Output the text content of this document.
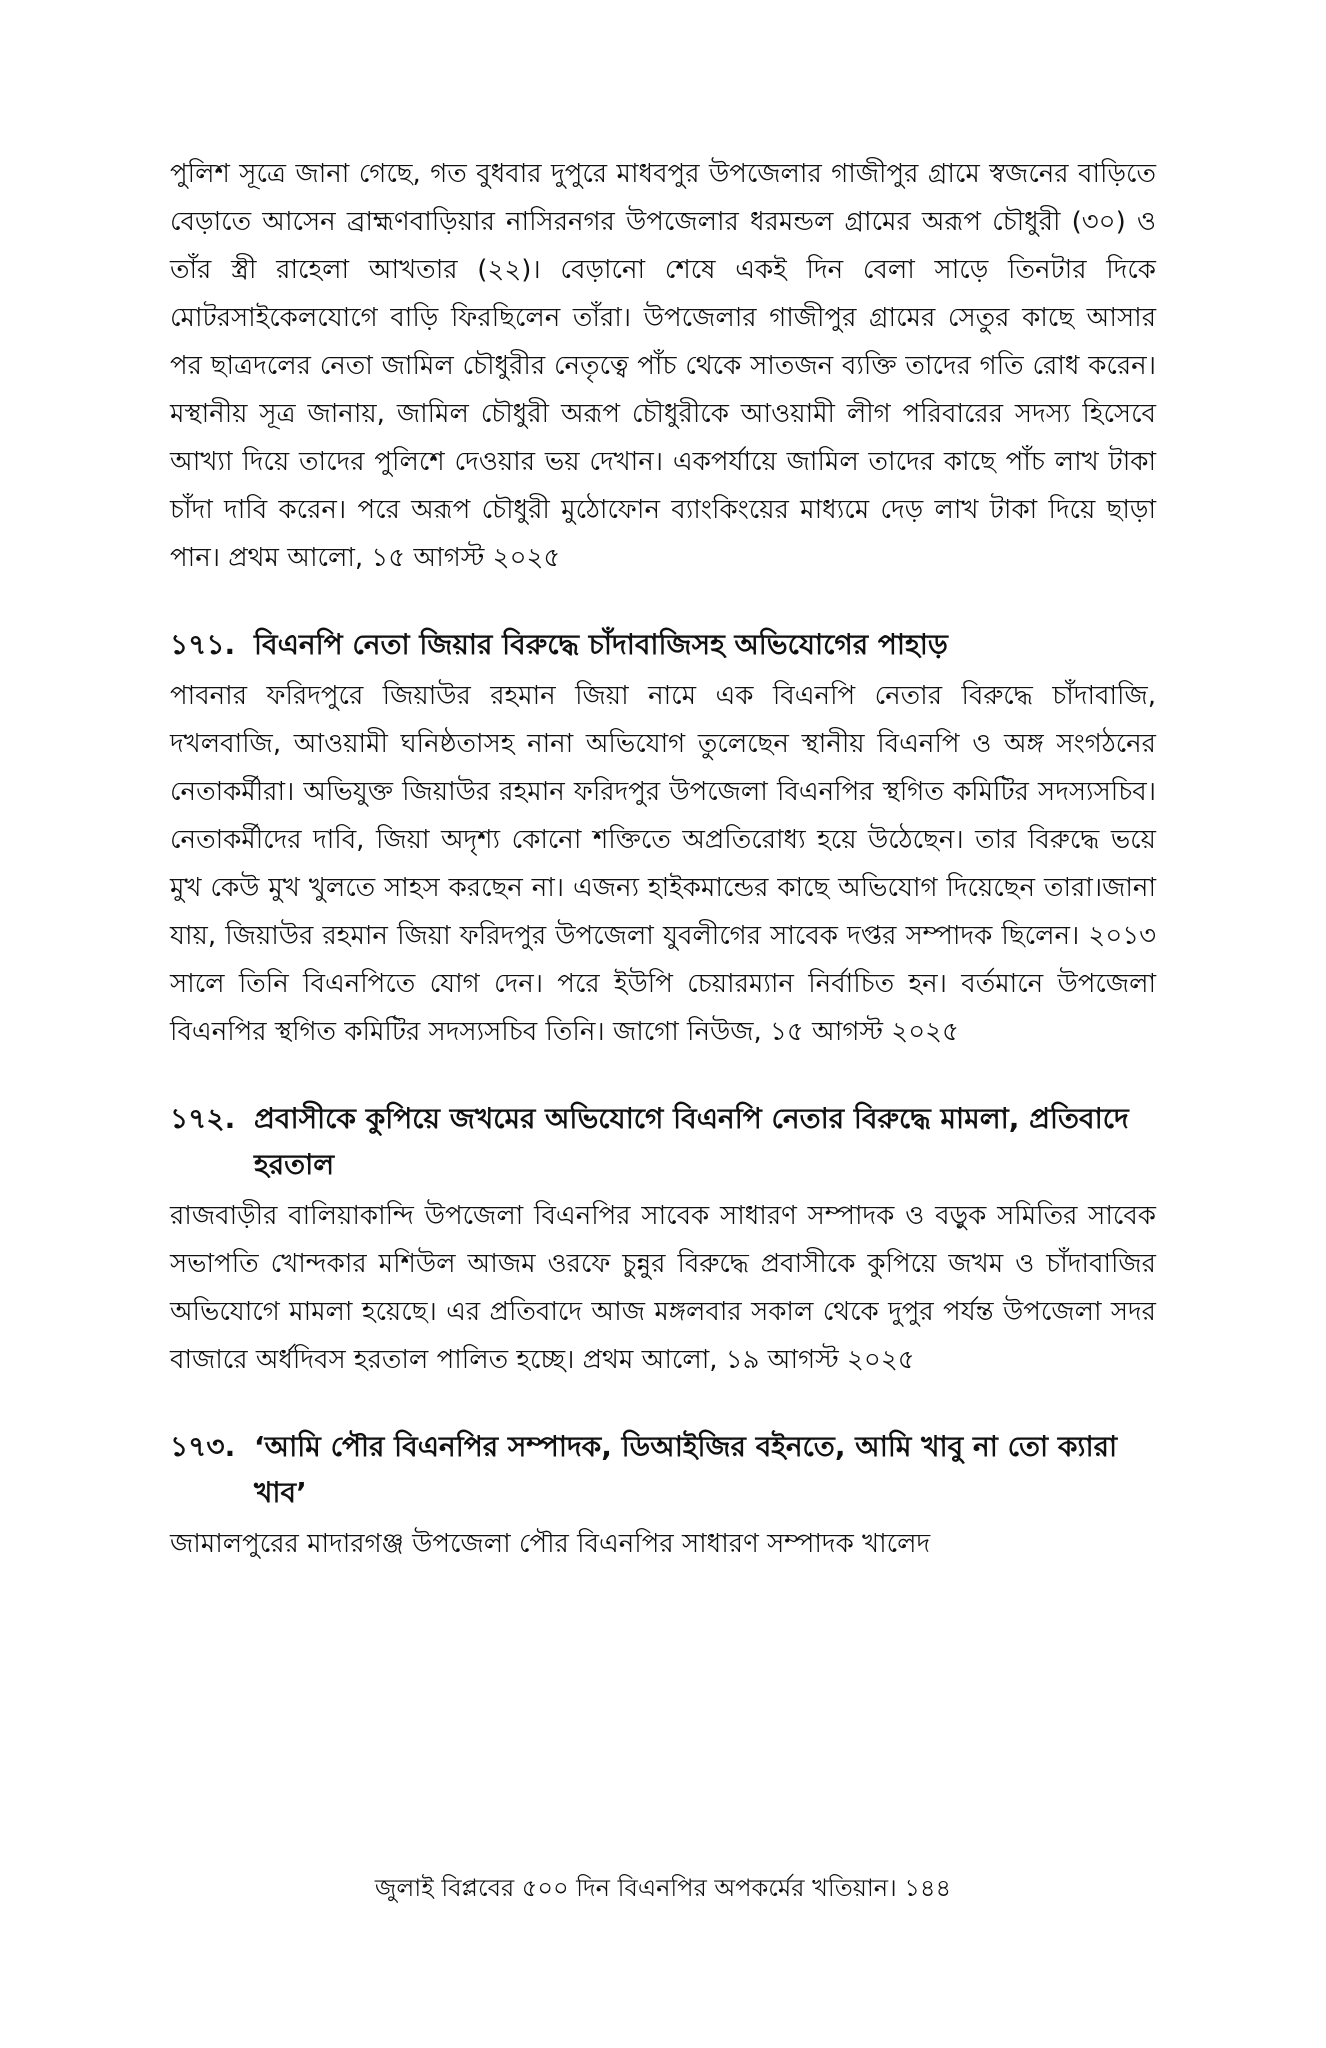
পুলিশ সূত্রে জানা গেছে, গত বুধবার দুপুরে মাধবপুর উপজেলার গাজীপুর গ্রামে স্বজনের বাড়িতে বেড়াতে আসেন ব্রাহ্মণবাড়িয়ার নাসিরনগর উপজেলার ধরমন্ডল গ্রামের অরূপ চৌধুরী (৩০) ও তাঁর স্ত্রী রাহেলা আখতার (২২)। বেড়ানো শেষে একই দিন বেলা সাড়ে তিনটার দিকে মোটরসাইকেলযোগে বাড়ি ফিরছিলেন তাঁরা। উপজেলার গাজীপুর গ্রামের সেতুর কাছে আসার পর ছাত্রদলের নেতা জামিল চৌধুরীর নেতৃত্বে পাঁচ থেকে সাতজন ব্যক্তি তাদের গতি রোধ করেন। মস্থানীয় সূত্র জানায়, জামিল চৌধুরী অরূপ চৌধুরীকে আওয়ামী লীগ পরিবারের সদস্য হিসেবে আখ্যা দিয়ে তাদের পুলিশে দেওয়ার ভয় দেখান। একপর্যায়ে জামিল তাদের কাছে পাঁচ লাখ টাকা চাঁদা দাবি করেন। পরে অরূপ চৌধুরী মুঠোফোন ব্যাংকিংয়ের মাধ্যমে দেড় লাখ টাকা দিয়ে ছাড়া পান। প্রথম আলো, ১৫ আগস্ট ২০২৫

১৭১. বিএনপি নেতা জিয়ার বিরুদ্ধে চাঁদাবাজিসহ অভিযোগের পাহাড়

পাবনার ফরিদপুরে জিয়াউর রহমান জিয়া নামে এক বিএনপি নেতার বিরুদ্ধে চাঁদাবাজি, দখলবাজি, আওয়ামী ঘনিষ্ঠতাসহ নানা অভিযোগ তুলেছেন স্থানীয় বিএনপি ও অঙ্গ সংগঠনের নেতাকর্মীরা। অভিযুক্ত জিয়াউর রহমান ফরিদপুর উপজেলা বিএনপির স্থগিত কমিটির সদস্যসচিব। নেতাকর্মীদের দাবি, জিয়া অদৃশ্য কোনো শক্তিতে অপ্রতিরোধ্য হয়ে উঠেছেন। তার বিরুদ্ধে ভয়ে মুখ কেউ মুখ খুলতে সাহস করছেন না। এজন্য হাইকমান্ডের কাছে অভিযোগ দিয়েছেন তারা।জানা যায়, জিয়াউর রহমান জিয়া ফরিদপুর উপজেলা যুবলীগের সাবেক দপ্তর সম্পাদক ছিলেন। ২০১৩ সালে তিনি বিএনপিতে যোগ দেন। পরে ইউপি চেয়ারম্যান নির্বাচিত হন। বর্তমানে উপজেলা বিএনপির স্থগিত কমিটির সদস্যসচিব তিনি। জাগো নিউজ, ১৫ আগস্ট ২০২৫

১৭২. প্রবাসীকে কুপিয়ে জখমের অভিযোগে বিএনপি নেতার বিরুদ্ধে মামলা, প্রতিবাদে হরতাল

রাজবাড়ীর বালিয়াকান্দি উপজেলা বিএনপির সাবেক সাধারণ সম্পাদক ও বড়ুক সমিতির সাবেক সভাপতি খোন্দকার মশিউল আজম ওরফে চুন্নুর বিরুদ্ধে প্রবাসীকে কুপিয়ে জখম ও চাঁদাবাজির অভিযোগে মামলা হয়েছে। এর প্রতিবাদে আজ মঙ্গলবার সকাল থেকে দুপুর পর্যন্ত উপজেলা সদর বাজারে অর্ধদিবস হরতাল পালিত হচ্ছে। প্রথম আলো, ১৯ আগস্ট ২০২৫

১৭৩. ‘আমি পৌর বিএনপির সম্পাদক, ডিআইজির বইনতে, আমি খাবু না তো ক্যারা খাব’

জামালপুরের মাদারগঞ্জ উপজেলা পৌর বিএনপির সাধারণ সম্পাদক খালেদ

জুলাই বিপ্লবের ৫০০ দিন বিএনপির অপকর্মের খতিয়ান। ১৪৪
